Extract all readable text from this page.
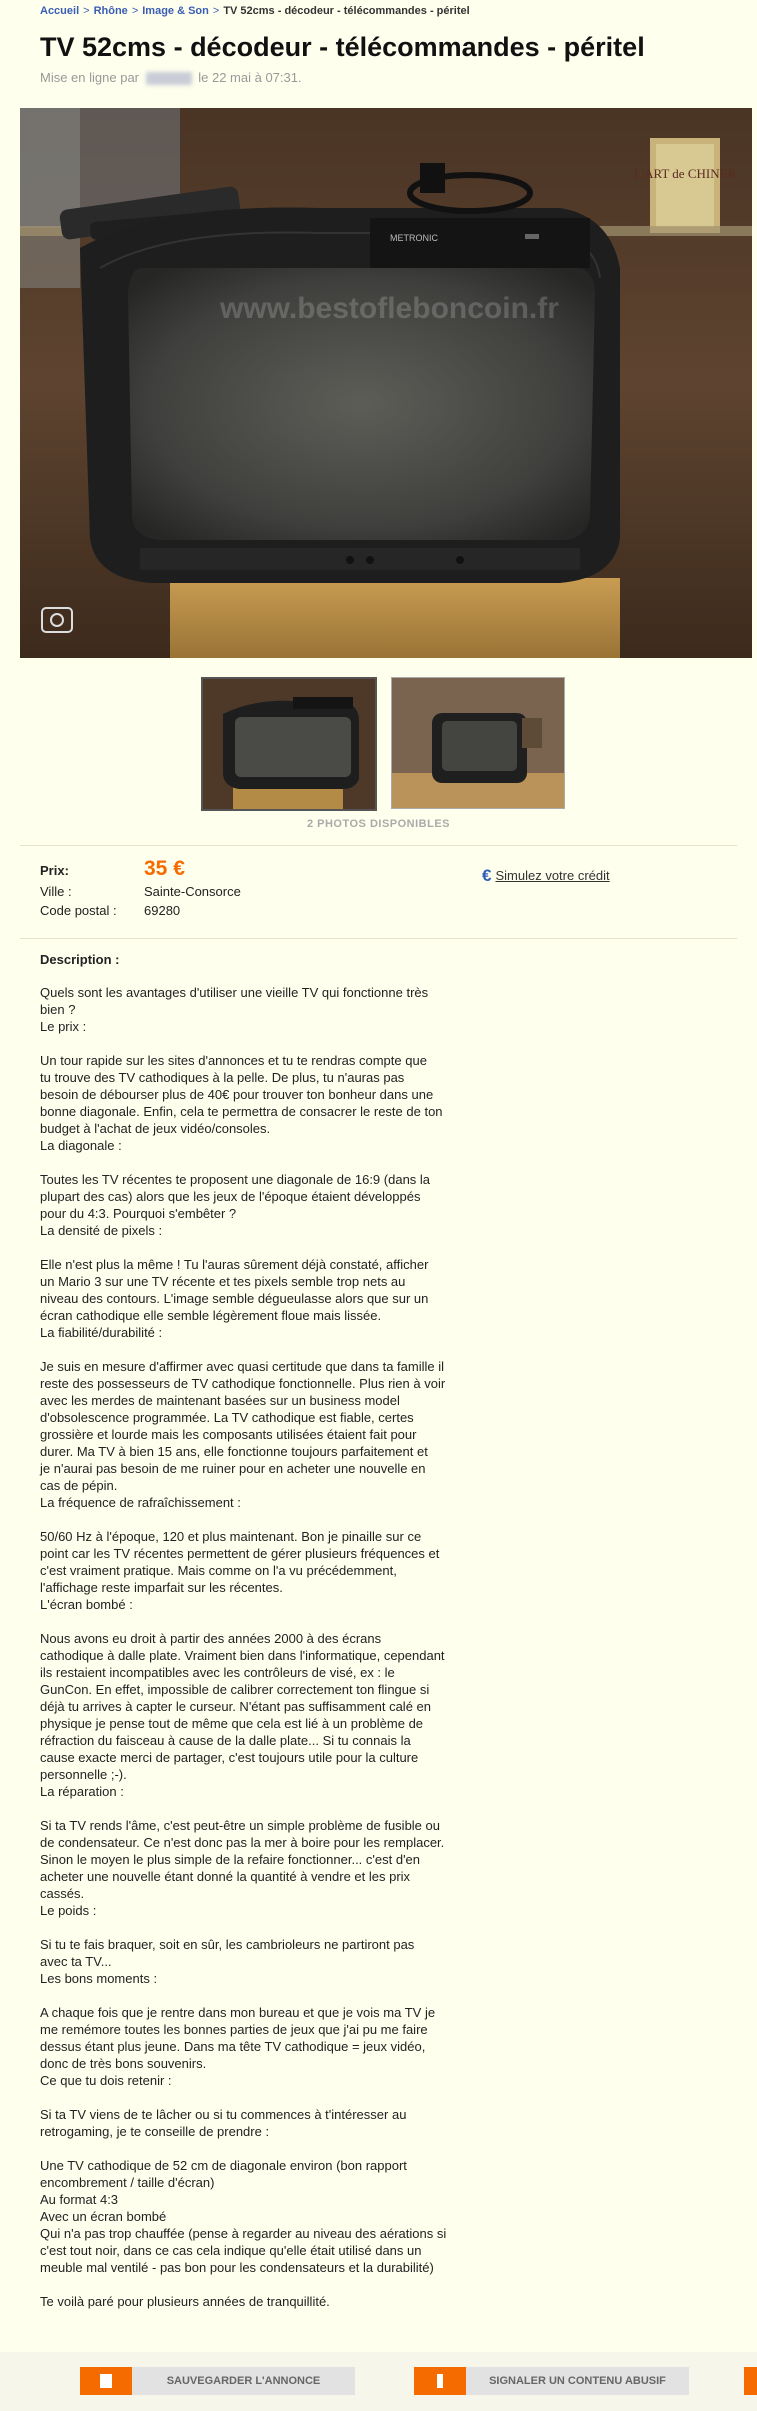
Accueil > Rhône > Image & Son > TV 52cms - décodeur - télécommandes - péritel
TV 52cms - décodeur - télécommandes - péritel
Mise en ligne par	le 22 mai à 07:31.
L'ART de CHINER
METRONIC
www.bestofleboncoin.fr
2 PHOTOS DISPONIBLES
Prix:	35 €
Ville :	Sainte-Consorce
Code postal : 69280
€ Simulez votre crédit
Description :

Quels sont les avantages d'utiliser une vieille TV qui fonctionne très
bien ?
Le prix :

Un tour rapide sur les sites d'annonces et tu te rendras compte que
tu trouve des TV cathodiques à la pelle. De plus, tu n'auras pas
besoin de débourser plus de 40€ pour trouver ton bonheur dans une
bonne diagonale. Enfin, cela te permettra de consacrer le reste de ton
budget à l'achat de jeux vidéo/consoles.
La diagonale :

Toutes les TV récentes te proposent une diagonale de 16:9 (dans la
plupart des cas) alors que les jeux de l'époque étaient développés
pour du 4:3. Pourquoi s'embêter ?
La densité de pixels :

Elle n'est plus la même ! Tu l'auras sûrement déjà constaté, afficher
un Mario 3 sur une TV récente et tes pixels semble trop nets au
niveau des contours. L'image semble dégueulasse alors que sur un
écran cathodique elle semble légèrement floue mais lissée.
La fiabilité/durabilité :

Je suis en mesure d'affirmer avec quasi certitude que dans ta famille il
reste des possesseurs de TV cathodique fonctionnelle. Plus rien à voir
avec les merdes de maintenant basées sur un business model
d'obsolescence programmée. La TV cathodique est fiable, certes
grossière et lourde mais les composants utilisées étaient fait pour
durer. Ma TV à bien 15 ans, elle fonctionne toujours parfaitement et
je n'aurai pas besoin de me ruiner pour en acheter une nouvelle en
cas de pépin.
La fréquence de rafraîchissement :

50/60 Hz à l'époque, 120 et plus maintenant. Bon je pinaille sur ce
point car les TV récentes permettent de gérer plusieurs fréquences et
c'est vraiment pratique. Mais comme on l'a vu précédemment,
l'affichage reste imparfait sur les récentes.
L'écran bombé :

Nous avons eu droit à partir des années 2000 à des écrans
cathodique à dalle plate. Vraiment bien dans l'informatique, cependant
ils restaient incompatibles avec les contrôleurs de visé, ex : le
GunCon. En effet, impossible de calibrer correctement ton flingue si
déjà tu arrives à capter le curseur. N'étant pas suffisamment calé en
physique je pense tout de même que cela est lié à un problème de
réfraction du faisceau à cause de la dalle plate... Si tu connais la
cause exacte merci de partager, c'est toujours utile pour la culture
personnelle ;-).
La réparation :

Si ta TV rends l'âme, c'est peut-être un simple problème de fusible ou
de condensateur. Ce n'est donc pas la mer à boire pour les remplacer.
Sinon le moyen le plus simple de la refaire fonctionner... c'est d'en
acheter une nouvelle étant donné la quantité à vendre et les prix
cassés.
Le poids :

Si tu te fais braquer, soit en sûr, les cambrioleurs ne partiront pas
avec ta TV...
Les bons moments :

A chaque fois que je rentre dans mon bureau et que je vois ma TV je
me remémore toutes les bonnes parties de jeux que j'ai pu me faire
dessus étant plus jeune. Dans ma tête TV cathodique = jeux vidéo,
donc de très bons souvenirs.
Ce que tu dois retenir :

Si ta TV viens de te lâcher ou si tu commences à t'intéresser au
retrogaming, je te conseille de prendre :

Une TV cathodique de 52 cm de diagonale environ (bon rapport
encombrement / taille d'écran)
Au format 4:3
Avec un écran bombé
Qui n'a pas trop chauffée (pense à regarder au niveau des aérations si
c'est tout noir, dans ce cas cela indique qu'elle était utilisé dans un
meuble mal ventilé - pas bon pour les condensateurs et la durabilité)

Te voilà paré pour plusieurs années de tranquillité.

SAUVEGARDER L'ANNONCE	SIGNALER UN CONTENU ABUSIF
